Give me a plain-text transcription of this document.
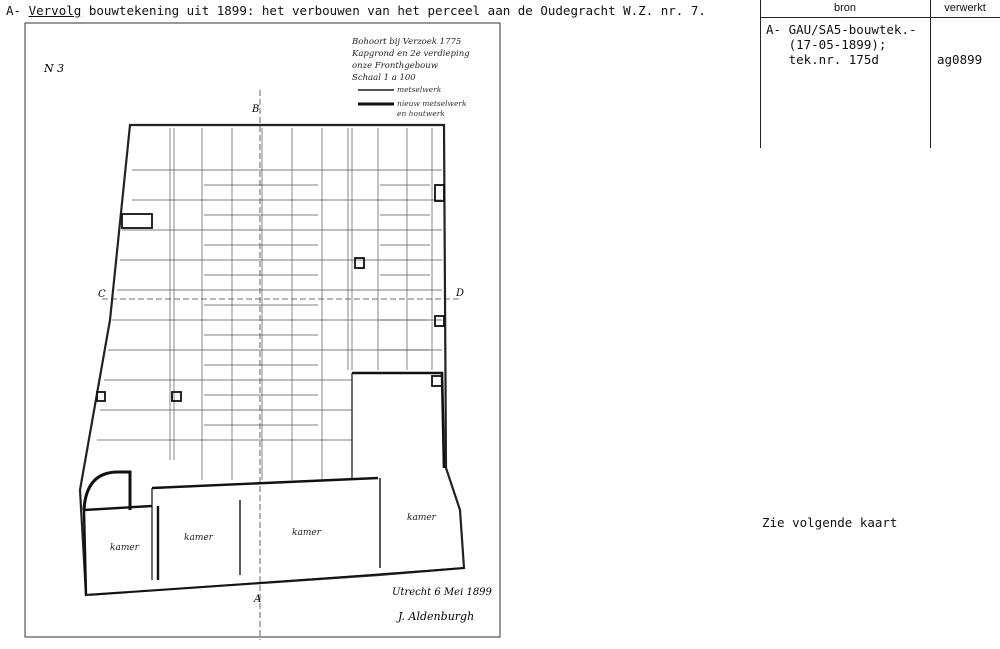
A- Vervolg bouwtekening uit 1899: het verbouwen van het perceel aan de Oudegracht W.Z. nr. 7.
N 3
Bohoort bij Verzoek 1775
Kapgrond en 2e verdieping
onze Fronthgebouw
Schaal 1 a 100
metselwerk
nieuw metselwerk
en houtwerk
B
A
C	D
kamer
kamer	kamer
kamer
Utrecht 6 Mei 1899
J. Aldenburgh
bron	verwerkt
A- GAU/SA5-bouwtek.-
(17-05-1899);
tek.nr. 175d	ag0899
Zie volgende kaart
